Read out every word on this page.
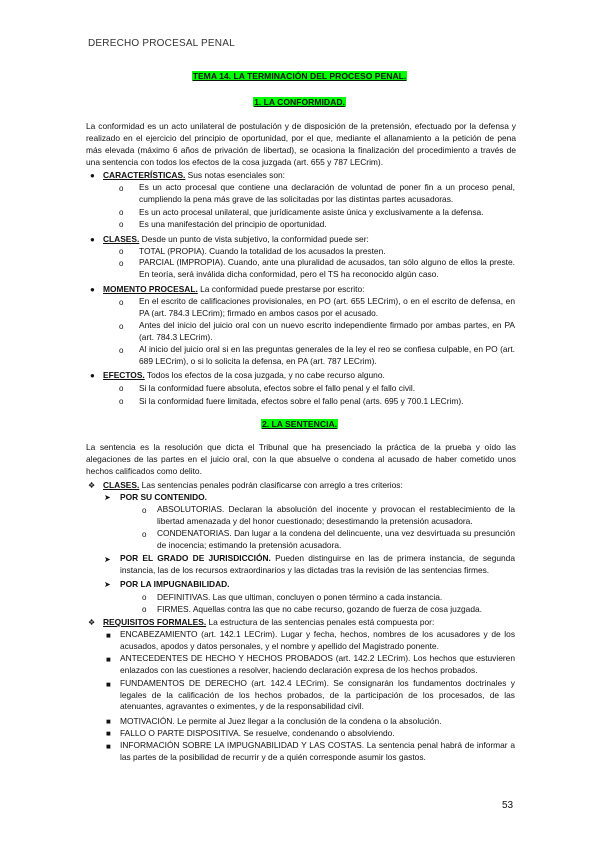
DERECHO PROCESAL PENAL
TEMA 14. LA TERMINACIÓN DEL PROCESO PENAL.
1. LA CONFORMIDAD.
La conformidad es un acto unilateral de postulación y de disposición de la pretensión, efectuado por la defensa y realizado en el ejercicio del principio de oportunidad, por el que, mediante el allanamiento a la petición de pena más elevada (máximo 6 años de privación de libertad), se ocasiona la finalización del procedimiento a través de una sentencia con todos los efectos de la cosa juzgada (art. 655 y 787 LECrim).
● CARACTERÍSTICAS. Sus notas esenciales son:
o Es un acto procesal que contiene una declaración de voluntad de poner fin a un proceso penal, cumpliendo la pena más grave de las solicitadas por las distintas partes acusadoras.
o Es un acto procesal unilateral, que jurídicamente asiste única y exclusivamente a la defensa.
o Es una manifestación del principio de oportunidad.
● CLASES. Desde un punto de vista subjetivo, la conformidad puede ser:
o TOTAL (PROPIA). Cuando la totalidad de los acusados la presten.
o PARCIAL (IMPROPIA). Cuando, ante una pluralidad de acusados, tan sólo alguno de ellos la preste. En teoría, será inválida dicha conformidad, pero el TS ha reconocido algún caso.
● MOMENTO PROCESAL. La conformidad puede prestarse por escrito:
o En el escrito de calificaciones provisionales, en PO (art. 655 LECrim), o en el escrito de defensa, en PA (art. 784.3 LECrim); firmado en ambos casos por el acusado.
o Antes del inicio del juicio oral con un nuevo escrito independiente firmado por ambas partes, en PA (art. 784.3 LECrim).
o Al inicio del juicio oral si en las preguntas generales de la ley el reo se confiesa culpable, en PO (art. 689 LECrim), o si lo solicita la defensa, en PA (art. 787 LECrim).
● EFECTOS. Todos los efectos de la cosa juzgada, y no cabe recurso alguno.
o Si la conformidad fuere absoluta, efectos sobre el fallo penal y el fallo civil.
o Si la conformidad fuere limitada, efectos sobre el fallo penal (arts. 695 y 700.1 LECrim).
2. LA SENTENCIA.
La sentencia es la resolución que dicta el Tribunal que ha presenciado la práctica de la prueba y oído las alegaciones de las partes en el juicio oral, con la que absuelve o condena al acusado de haber cometido unos hechos calificados como delito.
❖ CLASES. Las sentencias penales podrán clasificarse con arreglo a tres criterios:
➤ POR SU CONTENIDO.
o ABSOLUTORIAS. Declaran la absolución del inocente y provocan el restablecimiento de la libertad amenazada y del honor cuestionado; desestimando la pretensión acusadora.
o CONDENATORIAS. Dan lugar a la condena del delincuente, una vez desvirtuada su presunción de inocencia; estimando la pretensión acusadora.
➤ POR EL GRADO DE JURISDICCIÓN. Pueden distinguirse en las de primera instancia, de segunda instancia, las de los recursos extraordinarios y las dictadas tras la revisión de las sentencias firmes.
➤ POR LA IMPUGNABILIDAD.
o DEFINITIVAS. Las que ultiman, concluyen o ponen término a cada instancia.
o FIRMES. Aquellas contra las que no cabe recurso, gozando de fuerza de cosa juzgada.
❖ REQUISITOS FORMALES. La estructura de las sentencias penales está compuesta por:
■ ENCABEZAMIENTO (art. 142.1 LECrim). Lugar y fecha, hechos, nombres de los acusadores y de los acusados, apodos y datos personales, y el nombre y apellido del Magistrado ponente.
■ ANTECEDENTES DE HECHO Y HECHOS PROBADOS (art. 142.2 LECrim). Los hechos que estuvieren enlazados con las cuestiones a resolver, haciendo declaración expresa de los hechos probados.
■ FUNDAMENTOS DE DERECHO (art. 142.4 LECrim). Se consignarán los fundamentos doctrinales y legales de la calificación de los hechos probados, de la participación de los procesados, de las atenuantes, agravantes o eximentes, y de la responsabilidad civil.
■ MOTIVACIÓN. Le permite al Juez llegar a la conclusión de la condena o la absolución.
■ FALLO O PARTE DISPOSITIVA. Se resuelve, condenando o absolviendo.
■ INFORMACIÓN SOBRE LA IMPUGNABILIDAD Y LAS COSTAS. La sentencia penal habrá de informar a las partes de la posibilidad de recurrir y de a quién corresponde asumir los gastos.
53
